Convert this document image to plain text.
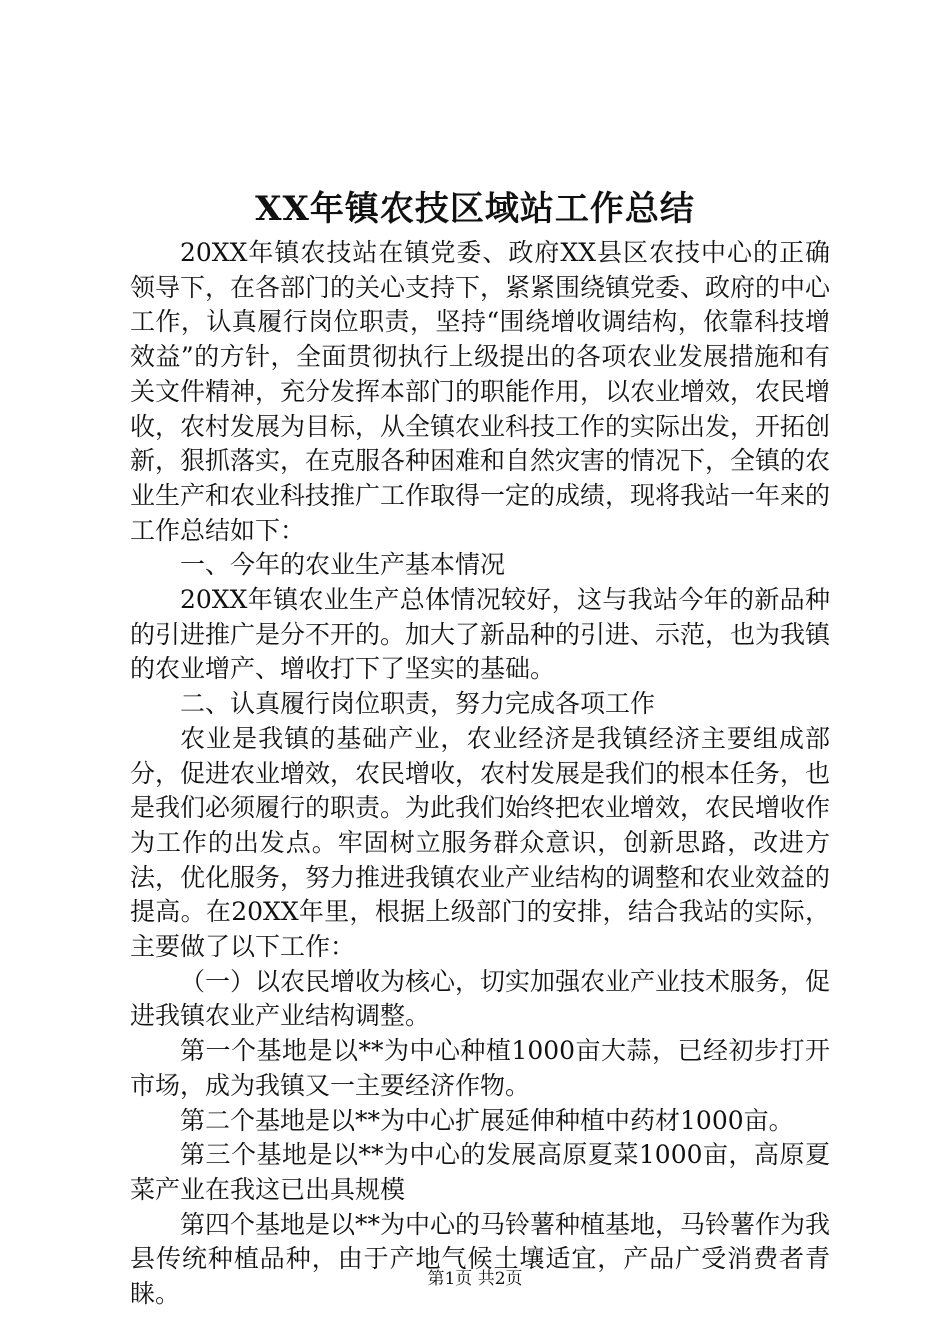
XX年镇农技区域站工作总结

20XX年镇农技站在镇党委、政府XX县区农技中心的正确领导下，在各部门的关心支持下，紧紧围绕镇党委、政府的中心工作，认真履行岗位职责，坚持“围绕增收调结构，依靠科技增效益”的方针，全面贯彻执行上级提出的各项农业发展措施和有关文件精神，充分发挥本部门的职能作用，以农业增效，农民增收，农村发展为目标，从全镇农业科技工作的实际出发，开拓创新，狠抓落实，在克服各种困难和自然灾害的情况下，全镇的农业生产和农业科技推广工作取得一定的成绩，现将我站一年来的工作总结如下：

一、今年的农业生产基本情况

20XX年镇农业生产总体情况较好，这与我站今年的新品种的引进推广是分不开的。加大了新品种的引进、示范，也为我镇的农业增产、增收打下了坚实的基础。

二、认真履行岗位职责，努力完成各项工作

农业是我镇的基础产业，农业经济是我镇经济主要组成部分，促进农业增效，农民增收，农村发展是我们的根本任务，也是我们必须履行的职责。为此我们始终把农业增效，农民增收作为工作的出发点。牢固树立服务群众意识，创新思路，改进方法，优化服务，努力推进我镇农业产业结构的调整和农业效益的提高。在20XX年里，根据上级部门的安排，结合我站的实际，主要做了以下工作：

（一）以农民增收为核心，切实加强农业产业技术服务，促进我镇农业产业结构调整。

第一个基地是以**为中心种植1000亩大蒜，已经初步打开市场，成为我镇又一主要经济作物。

第二个基地是以**为中心扩展延伸种植中药材1000亩。

第三个基地是以**为中心的发展高原夏菜1000亩，高原夏菜产业在我这已出具规模

第四个基地是以**为中心的马铃薯种植基地，马铃薯作为我县传统种植品种，由于产地气候土壤适宜，产品广受消费者青睐。

第1页 共2页
